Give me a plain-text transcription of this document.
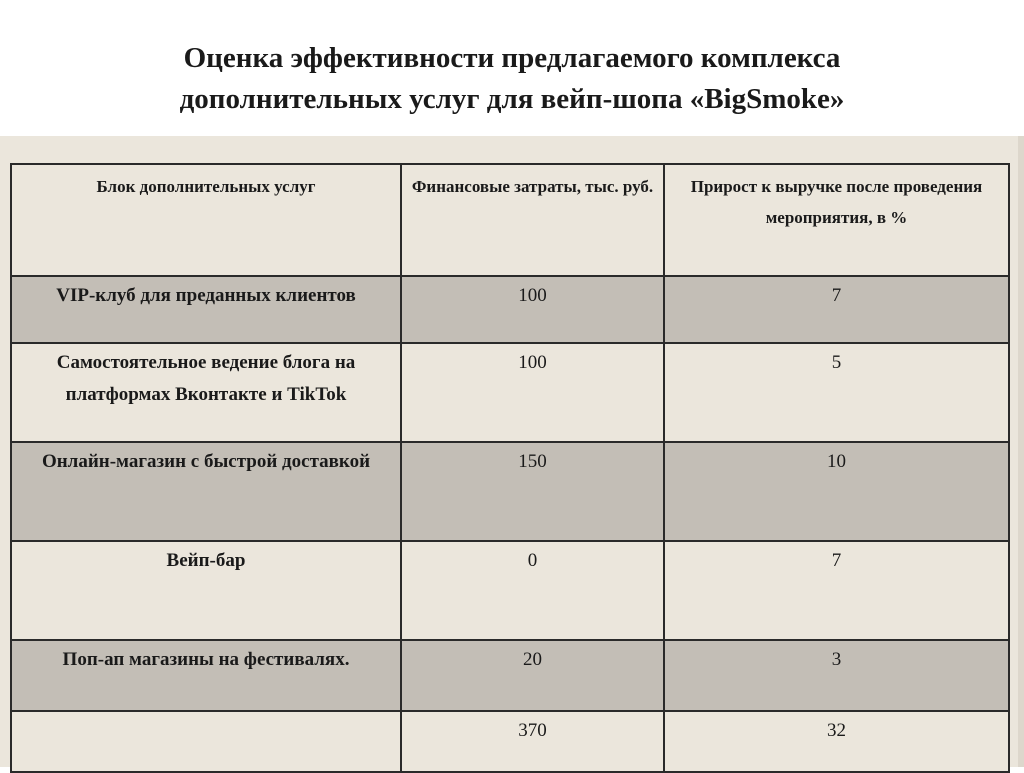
Оценка эффективности предлагаемого комплекса
дополнительных услуг для вейп-шопа «BigSmoke»
Блок дополнительных услуг	Финансовые затраты, тыс. руб.	Прирост к выручке после проведения мероприятия, в %
VIP-клуб для преданных клиентов	100	7
Самостоятельное ведение блога на платформах Вконтакте и TikTok	100	5
Онлайн-магазин с быстрой доставкой	150	10
Вейп-бар	0	7
Поп-ап магазины на фестивалях.	20	3
	370	32
